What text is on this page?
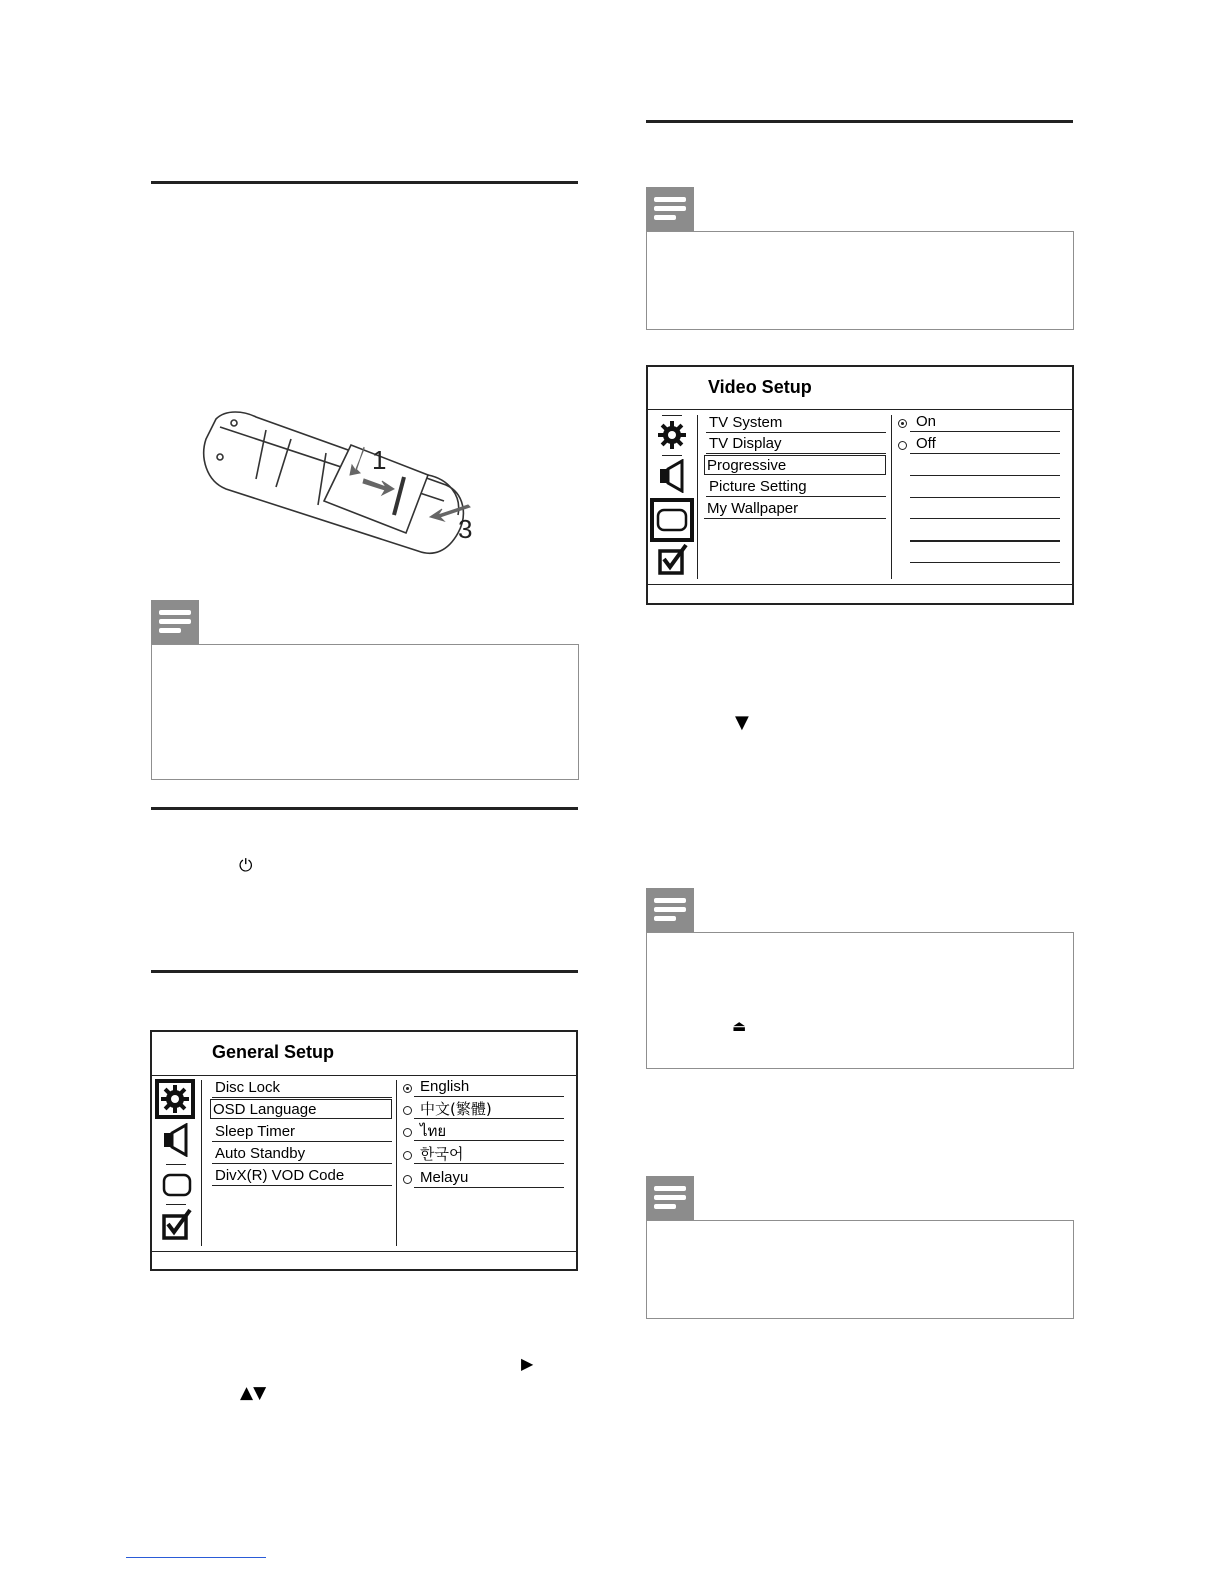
1
3
⏻
General Setup
Disc Lock
OSD Language
Sleep Timer
Auto Standby
DivX(R) VOD Code
English
中文(繁體)
ไทย
한국어
Melayu
▶
▲▼
Video Setup
TV System
TV Display
Progressive
Picture Setting
My Wallpaper
On
Off
▼
⏏
